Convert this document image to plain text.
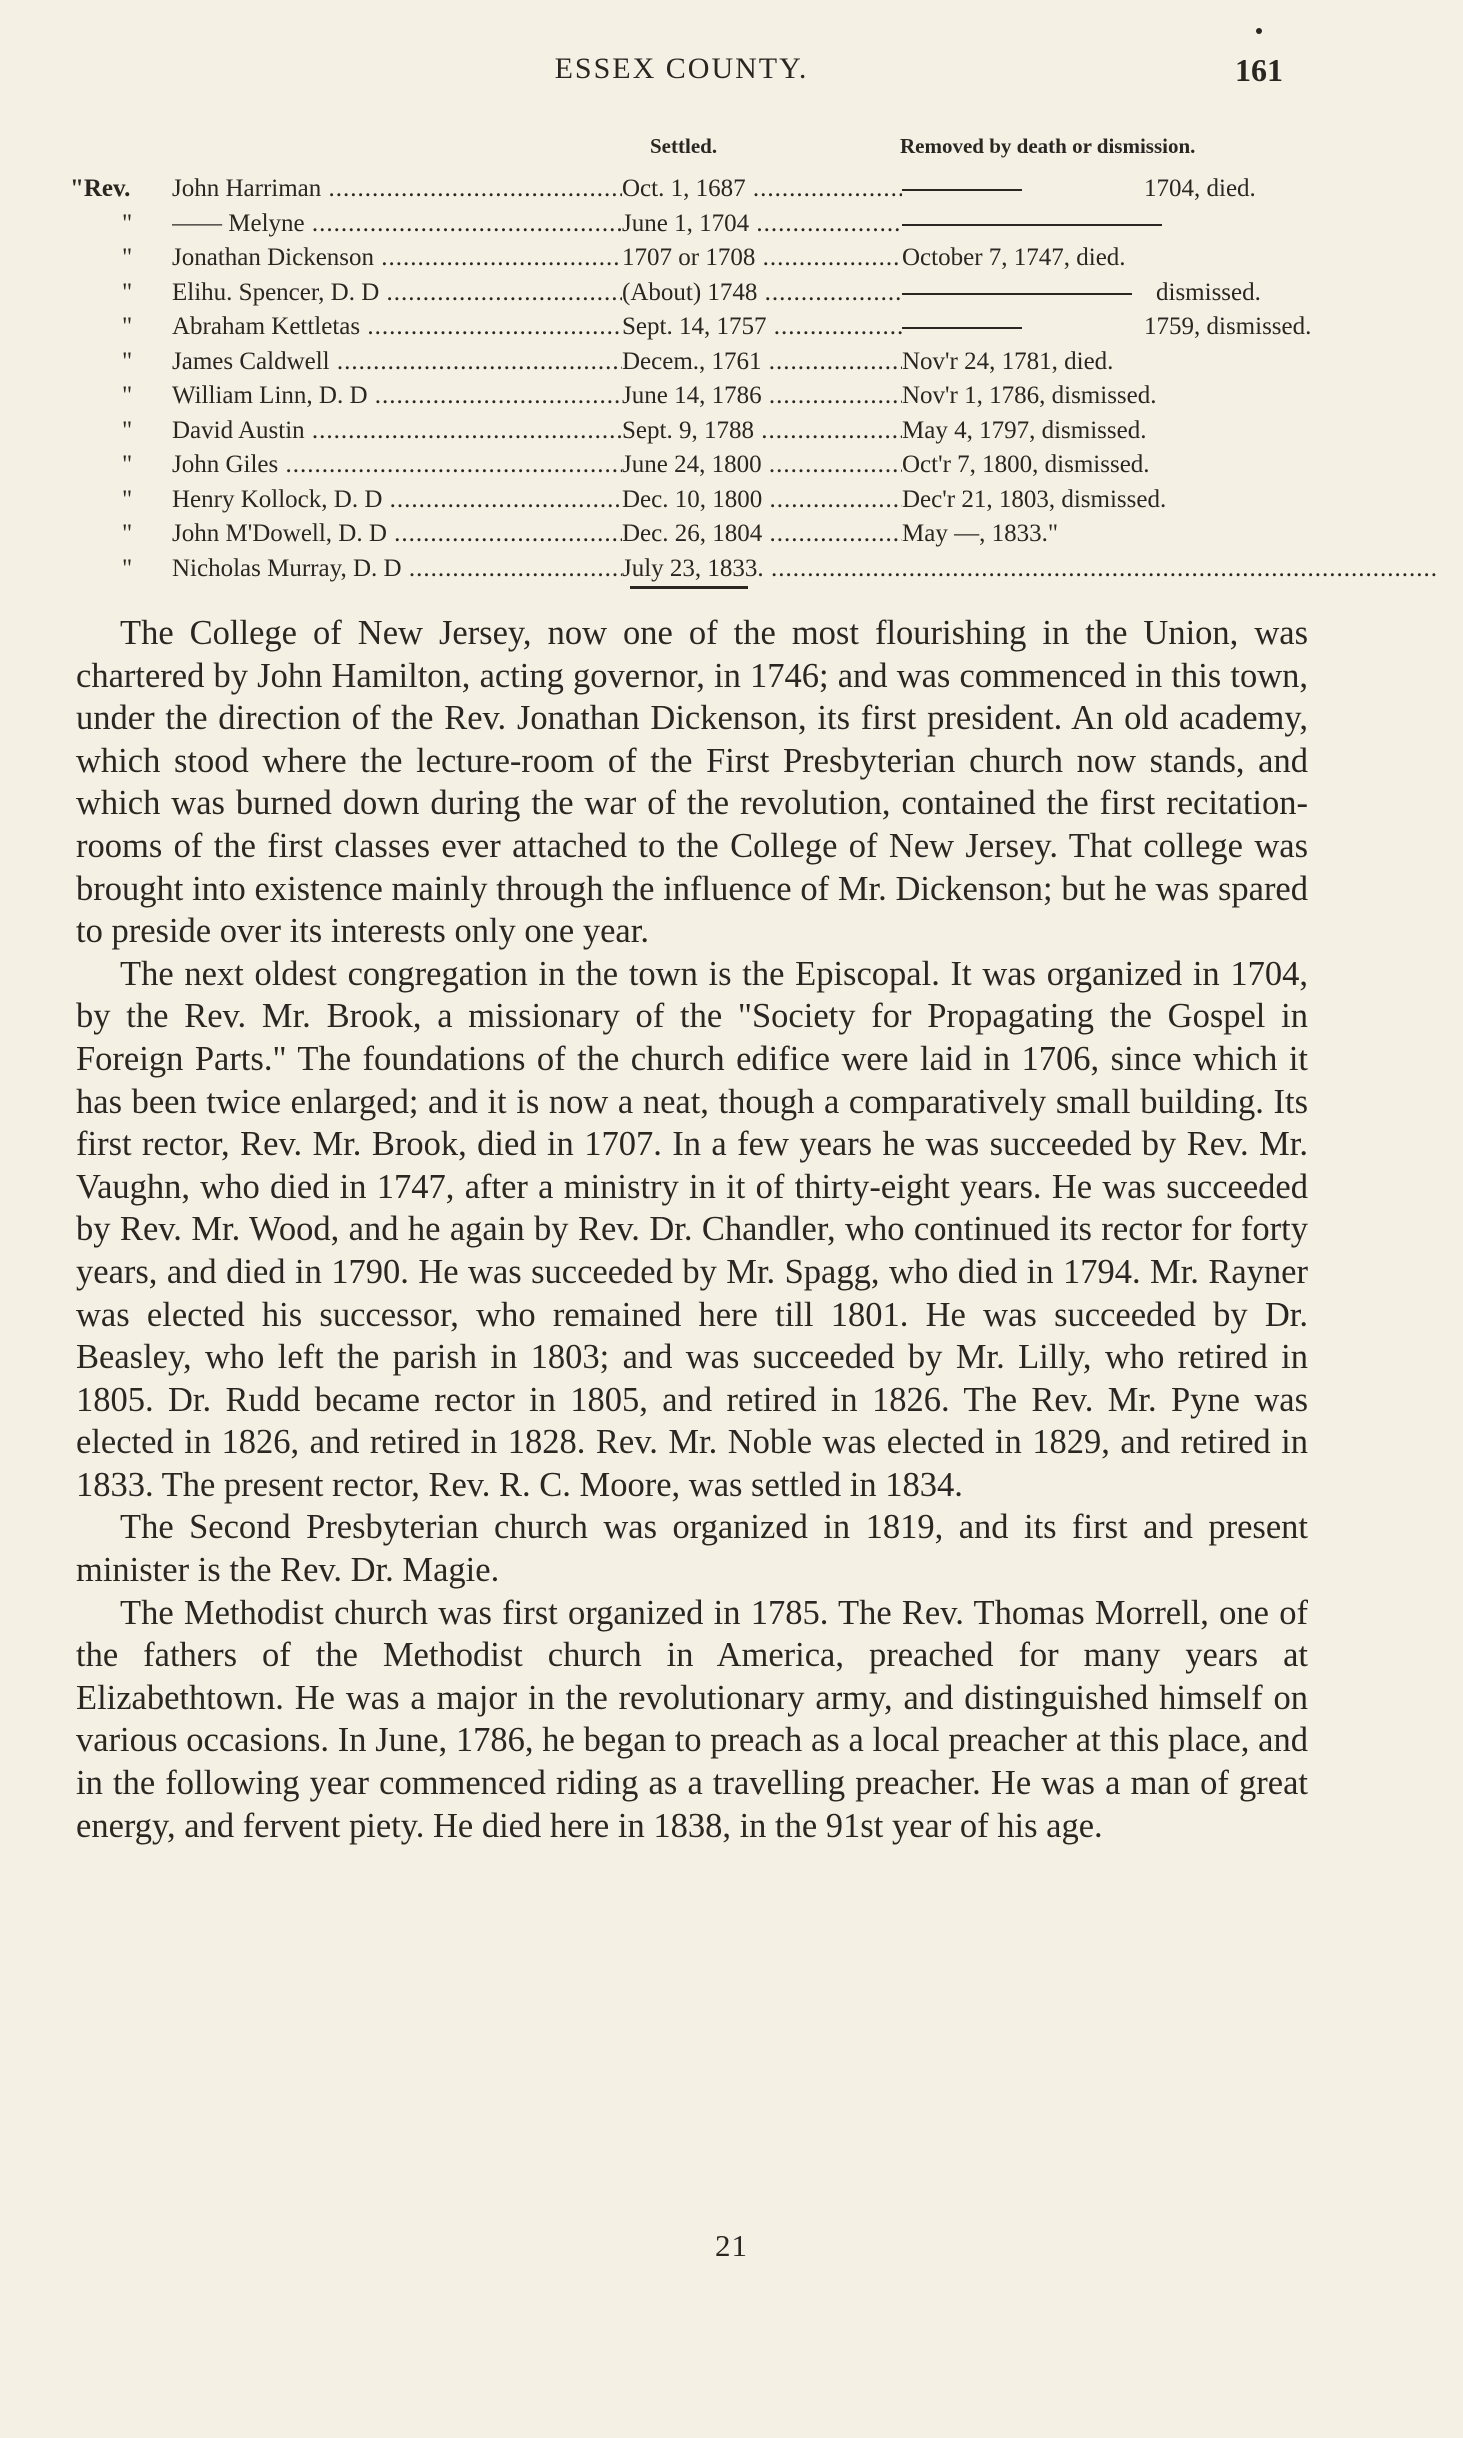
ESSEX COUNTY.	161
Settled.	Removed by death or dismission.
"Rev.	John Harriman .....	Oct. 1, 1687 .....	1704, died.
"	—— Melyne .....	June 1, 1704 .....
"	Jonathan Dickenson .....	1707 or 1708 .....	October 7, 1747, died.
"	Elihu. Spencer, D. D .....	(About) 1748 .....	dismissed.
"	Abraham Kettletas .....	Sept. 14, 1757 .....	1759, dismissed.
"	James Caldwell .....	Decem., 1761 .....	Nov'r 24, 1781, died.
"	William Linn, D. D .....	June 14, 1786 .....	Nov'r 1, 1786, dismissed.
"	David Austin .....	Sept. 9, 1788 .....	May 4, 1797, dismissed.
"	John Giles .....	June 24, 1800 .....	Oct'r 7, 1800, dismissed.
"	Henry Kollock, D. D .....	Dec. 10, 1800 .....	Dec'r 21, 1803, dismissed.
"	John M'Dowell, D. D .....	Dec. 26, 1804 .....	May —, 1833."
"	Nicholas Murray, D. D .....	July 23, 1833. .....

The College of New Jersey, now one of the most flourishing in the Union, was chartered by John Hamilton, acting governor, in 1746; and was commenced in this town, under the direction of the Rev. Jonathan Dickenson, its first president. An old academy, which stood where the lecture-room of the First Presbyterian church now stands, and which was burned down during the war of the revolution, contained the first recitation-rooms of the first classes ever attached to the College of New Jersey. That college was brought into existence mainly through the influence of Mr. Dickenson; but he was spared to preside over its interests only one year.

The next oldest congregation in the town is the Episcopal. It was organized in 1704, by the Rev. Mr. Brook, a missionary of the "Society for Propagating the Gospel in Foreign Parts." The foundations of the church edifice were laid in 1706, since which it has been twice enlarged; and it is now a neat, though a comparatively small building. Its first rector, Rev. Mr. Brook, died in 1707. In a few years he was succeeded by Rev. Mr. Vaughn, who died in 1747, after a ministry in it of thirty-eight years. He was succeeded by Rev. Mr. Wood, and he again by Rev. Dr. Chandler, who continued its rector for forty years, and died in 1790. He was succeeded by Mr. Spagg, who died in 1794. Mr. Rayner was elected his successor, who remained here till 1801. He was succeeded by Dr. Beasley, who left the parish in 1803; and was succeeded by Mr. Lilly, who retired in 1805. Dr. Rudd became rector in 1805, and retired in 1826. The Rev. Mr. Pyne was elected in 1826, and retired in 1828. Rev. Mr. Noble was elected in 1829, and retired in 1833. The present rector, Rev. R. C. Moore, was settled in 1834.

The Second Presbyterian church was organized in 1819, and its first and present minister is the Rev. Dr. Magie.

The Methodist church was first organized in 1785. The Rev. Thomas Morrell, one of the fathers of the Methodist church in America, preached for many years at Elizabethtown. He was a major in the revolutionary army, and distinguished himself on various occasions. In June, 1786, he began to preach as a local preacher at this place, and in the following year commenced riding as a travelling preacher. He was a man of great energy, and fervent piety. He died here in 1838, in the 91st year of his age.

21
